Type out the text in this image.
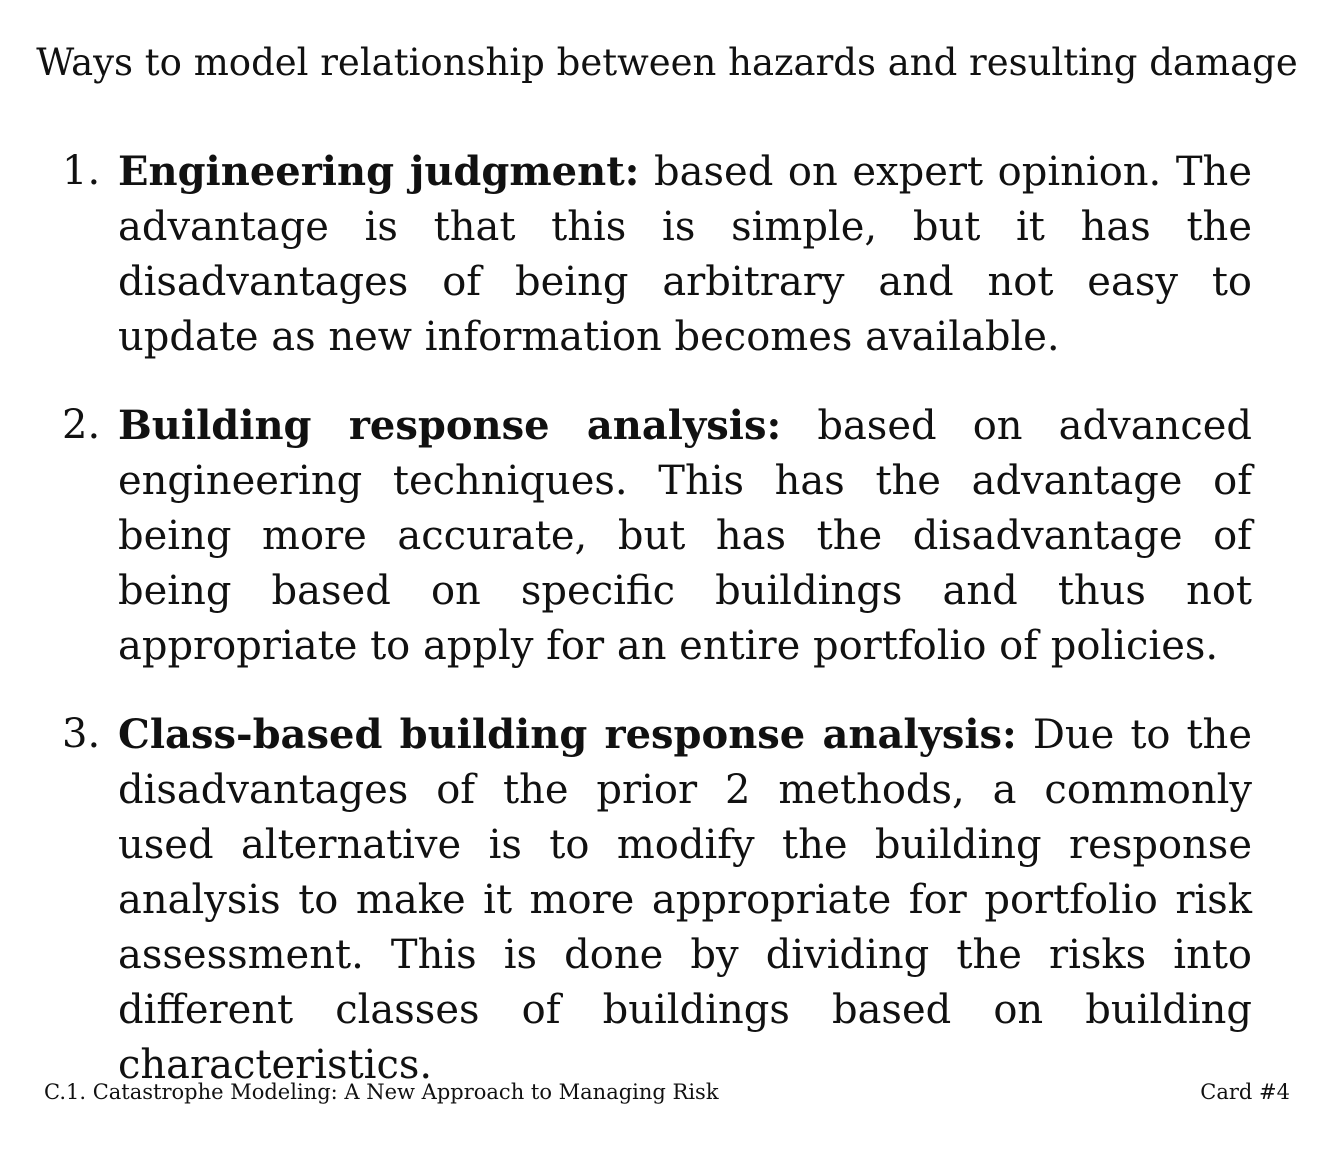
Ways to model relationship between hazards and resulting damage
1. Engineering judgment: based on expert opinion. The advantage is that this is simple, but it has the disadvantages of being arbitrary and not easy to update as new information becomes available.
2. Building response analysis: based on advanced engineering techniques. This has the advantage of being more accurate, but has the disadvantage of being based on specific buildings and thus not appropriate to apply for an entire portfolio of policies.
3. Class-based building response analysis: Due to the disadvantages of the prior 2 methods, a commonly used alternative is to modify the building response analysis to make it more appropriate for portfolio risk assessment. This is done by dividing the risks into different classes of buildings based on building characteristics.
C.1. Catastrophe Modeling: A New Approach to Managing Risk	Card #4
